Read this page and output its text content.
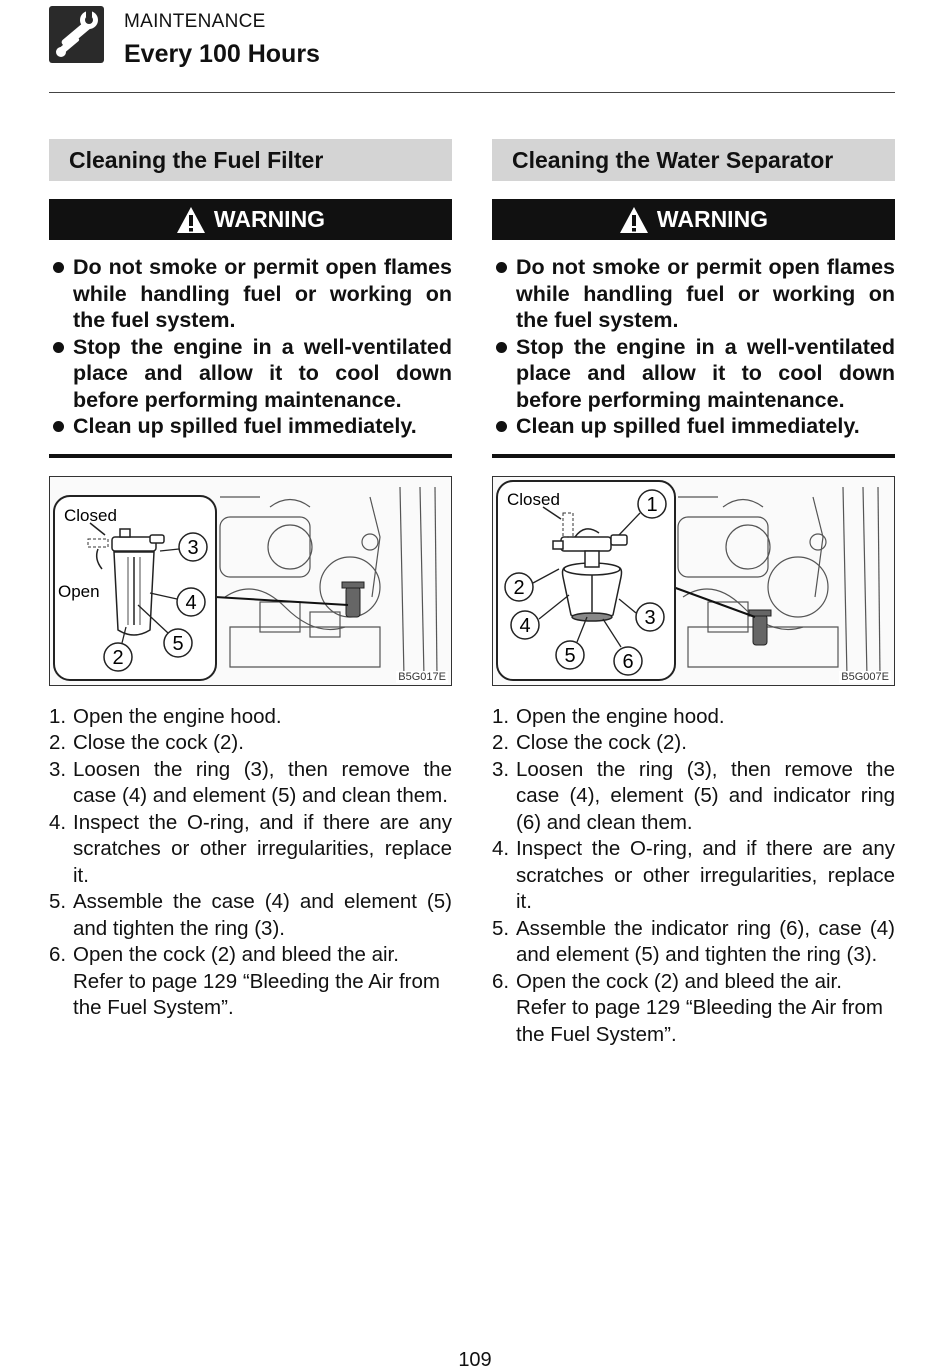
MAINTENANCE
Every 100 Hours
Cleaning the Fuel Filter
WARNING
Do not smoke or permit open flames while handling fuel or working on the fuel system.
Stop the engine in a well-ventilated place and allow it to cool down before performing maintenance.
Clean up spilled fuel immediately.
Closed
Open
3
4
5
2
B5G017E
1. Open the engine hood.
2. Close the cock (2).
3. Loosen the ring (3), then remove the case (4) and element (5) and clean them.
4. Inspect the O-ring, and if there are any scratches or other irregularities, replace it.
5. Assemble the case (4) and element (5) and tighten the ring (3).
6. Open the cock (2) and bleed the air.
Refer to page 129 “Bleeding the Air from the Fuel System”.
Cleaning the Water Separator
WARNING
Do not smoke or permit open flames while handling fuel or working on the fuel system.
Stop the engine in a well-ventilated place and allow it to cool down before performing maintenance.
Clean up spilled fuel immediately.
Closed	1
2
3
4
5 6
B5G007E
1. Open the engine hood.
2. Close the cock (2).
3. Loosen the ring (3), then remove the case (4), element (5) and indicator ring (6) and clean them.
4. Inspect the O-ring, and if there are any scratches or other irregularities, replace it.
5. Assemble the indicator ring (6), case (4) and element (5) and tighten the ring (3).
6. Open the cock (2) and bleed the air.
Refer to page 129 “Bleeding the Air from the Fuel System”.
109
